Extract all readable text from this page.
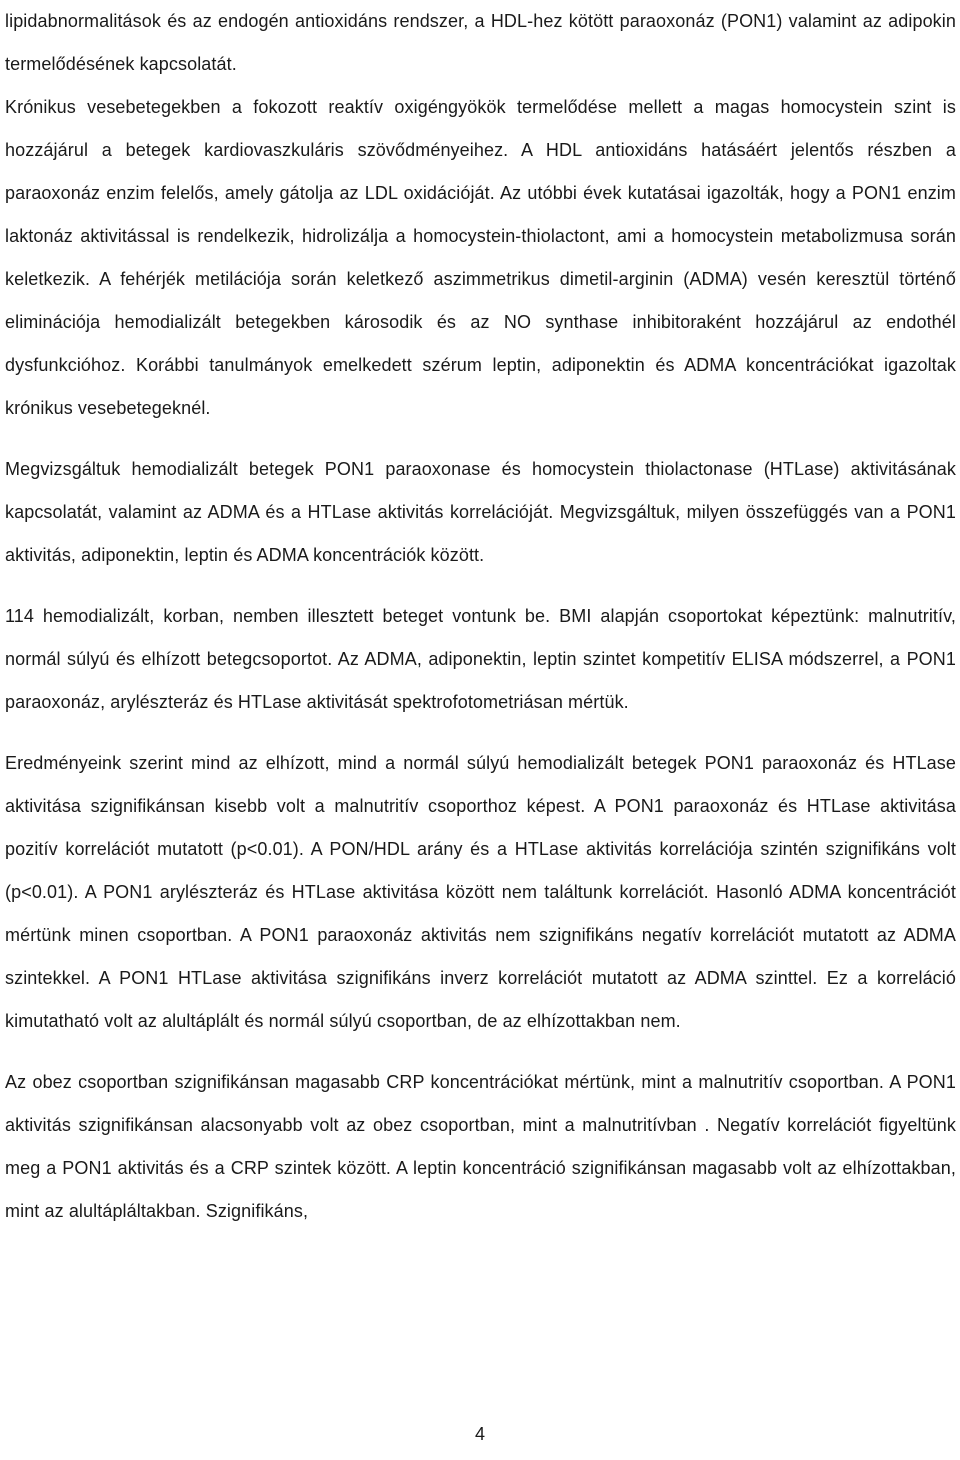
lipidabnormalitások és az endogén antioxidáns rendszer, a HDL-hez kötött paraoxonáz (PON1) valamint az adipokin termelődésének kapcsolatát.

Krónikus vesebetegekben a fokozott reaktív oxigéngyökök termelődése mellett a magas homocystein szint is hozzájárul a betegek kardiovaszkuláris szövődményeihez. A HDL antioxidáns hatásáért jelentős részben a paraoxonáz enzim felelős, amely gátolja az LDL oxidációját. Az utóbbi évek kutatásai igazolták, hogy a PON1 enzim laktonáz aktivitással is rendelkezik, hidrolizálja a homocystein-thiolactont, ami a homocystein metabolizmusa során keletkezik. A fehérjék metilációja során keletkező aszimmetrikus dimetil-arginin (ADMA) vesén keresztül történő eliminációja hemodializált betegekben károsodik és az NO synthase inhibitoraként hozzájárul az endothél dysfunkcióhoz. Korábbi tanulmányok emelkedett szérum leptin, adiponektin és ADMA koncentrációkat igazoltak krónikus vesebetegeknél.

Megvizsgáltuk hemodializált betegek PON1 paraoxonase és homocystein thiolactonase (HTLase) aktivitásának kapcsolatát, valamint az ADMA és a HTLase aktivitás korrelációját. Megvizsgáltuk, milyen összefüggés van a PON1 aktivitás, adiponektin, leptin és ADMA koncentrációk között.

114 hemodializált, korban, nemben illesztett beteget vontunk be. BMI alapján csoportokat képeztünk: malnutritív, normál súlyú és elhízott betegcsoportot. Az ADMA, adiponektin, leptin szintet kompetitív ELISA módszerrel, a PON1 paraoxonáz, arylészteráz és HTLase aktivitását spektrofotometriásan mértük.

Eredményeink szerint mind az elhízott, mind a normál súlyú hemodializált betegek PON1 paraoxonáz és HTLase aktivitása szignifikánsan kisebb volt a malnutritív csoporthoz képest. A PON1 paraoxonáz és HTLase aktivitása pozitív korrelációt mutatott (p<0.01). A PON/HDL arány és a HTLase aktivitás korrelációja szintén szignifikáns volt (p<0.01). A PON1 arylészteráz és HTLase aktivitása között nem találtunk korrelációt. Hasonló ADMA koncentrációt mértünk minen csoportban. A PON1 paraoxonáz aktivitás nem szignifikáns negatív korrelációt mutatott az ADMA szintekkel. A PON1 HTLase aktivitása szignifikáns inverz korrelációt mutatott az ADMA szinttel. Ez a korreláció kimutatható volt az alultáplált és normál súlyú csoportban, de az elhízottakban nem.

Az obez csoportban szignifikánsan magasabb CRP koncentrációkat mértünk, mint a malnutritív csoportban. A PON1 aktivitás szignifikánsan alacsonyabb volt az obez csoportban, mint a malnutritívban . Negatív korrelációt figyeltünk meg a PON1 aktivitás és a CRP szintek között. A leptin koncentráció szignifikánsan magasabb volt az elhízottakban, mint az alultápláltakban. Szignifikáns,

4
